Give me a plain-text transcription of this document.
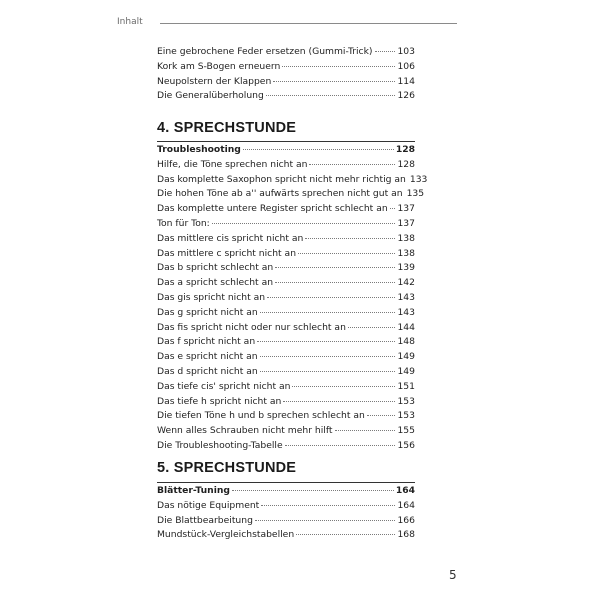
Inhalt
Eine gebrochene Feder ersetzen (Gummi-Trick)	103
Kork am S-Bogen erneuern	106
Neupolstern der Klappen	114
Die Generalüberholung	126
4. SPRECHSTUNDE
Troubleshooting	128
Hilfe, die Töne sprechen nicht an	128
Das komplette Saxophon spricht nicht mehr richtig an 133
Die hohen Töne ab a'' aufwärts sprechen nicht gut an 135
Das komplette untere Register spricht schlecht an 137
Ton für Ton:	137
Das mittlere cis spricht nicht an	138
Das mittlere c spricht nicht an	138
Das b spricht schlecht an	139
Das a spricht schlecht an	142
Das gis spricht nicht an	143
Das g spricht nicht an	143
Das fis spricht nicht oder nur schlecht an	144
Das f spricht nicht an	148
Das e spricht nicht an	149
Das d spricht nicht an	149
Das tiefe cis' spricht nicht an	151
Das tiefe h spricht nicht an	153
Die tiefen Töne h und b sprechen schlecht an	153
Wenn alles Schrauben nicht mehr hilft	155
Die Troubleshooting-Tabelle	156
5. SPRECHSTUNDE
Blätter-Tuning	164
Das nötige Equipment	164
Die Blattbearbeitung	166
Mundstück-Vergleichstabellen	168
5
